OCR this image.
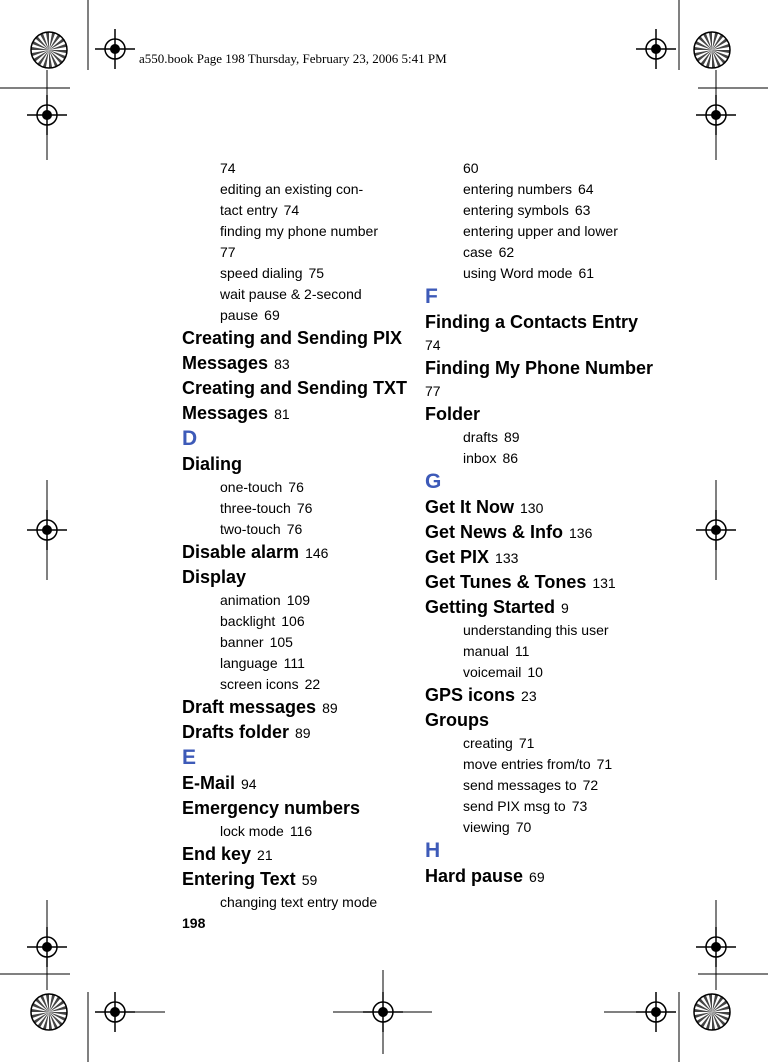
a550.book Page 198 Thursday, February 23, 2006 5:41 PM
74
editing an existing con-
tact entry 74
finding my phone number
77
speed dialing 75
wait pause & 2-second
pause 69
Creating and Sending PIX
Messages 83
Creating and Sending TXT
Messages 81
D
Dialing
one-touch 76
three-touch 76
two-touch 76
Disable alarm 146
Display
animation 109
backlight 106
banner 105
language 111
screen icons 22
Draft messages 89
Drafts folder 89
E
E-Mail 94
Emergency numbers
lock mode 116
End key 21
Entering Text 59
changing text entry mode
60
entering numbers 64
entering symbols 63
entering upper and lower
case 62
using Word mode 61
F
Finding a Contacts Entry
74
Finding My Phone Number
77
Folder
drafts 89
inbox 86
G
Get It Now 130
Get News & Info 136
Get PIX 133
Get Tunes & Tones 131
Getting Started 9
understanding this user
manual 11
voicemail 10
GPS icons 23
Groups
creating 71
move entries from/to 71
send messages to 72
send PIX msg to 73
viewing 70
H
Hard pause 69
198
